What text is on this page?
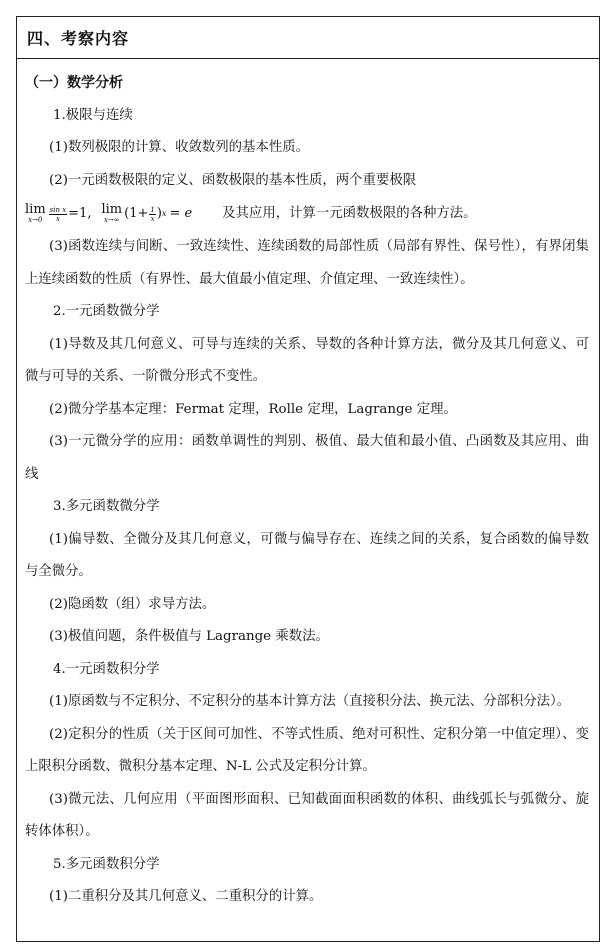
四、考察内容
（一）数学分析
1.极限与连续

(1)数列极限的计算、收敛数列的基本性质。

(2)一元函数极限的定义、函数极限的基本性质，两个重要极限

lim
$x\to 0 \frac{\text{sin x}}{x} =1$, lim
x→∞ ($1+ \frac{1}{x}$ ) x = e 及其应用，计算一元函数极限的各种方法。

(3)函数连续与间断、一致连续性、连续函数的局部性质（局部有界性、保号性），有界闭集上连续函数的性质（有界性、最大值最小值定理、介值定理、一致连续性）。

2.一元函数微分学

(1)导数及其几何意义、可导与连续的关系、导数的各种计算方法，微分及其几何意义、可微与可导的关系、一阶微分形式不变性。

(2)微分学基本定理：Fermat 定理，Rolle 定理，Lagrange 定理。

(3)一元微分学的应用：函数单调性的判别、极值、最大值和最小值、凸函数及其应用、曲线

3.多元函数微分学

(1)偏导数、全微分及其几何意义，可微与偏导存在、连续之间的关系，复合函数的偏导数与全微分。

(2)隐函数（组）求导方法。

(3)极值问题，条件极值与 Lagrange 乘数法。

4.一元函数积分学

(1)原函数与不定积分、不定积分的基本计算方法（直接积分法、换元法、分部积分法）。

(2)定积分的性质（关于区间可加性、不等式性质、绝对可积性、定积分第一中值定理）、变上限积分函数、微积分基本定理、N-L 公式及定积分计算。

(3)微元法、几何应用（平面图形面积、已知截面面积函数的体积、曲线弧长与弧微分、旋转体体积）。

5.多元函数积分学

(1)二重积分及其几何意义、二重积分的计算。
